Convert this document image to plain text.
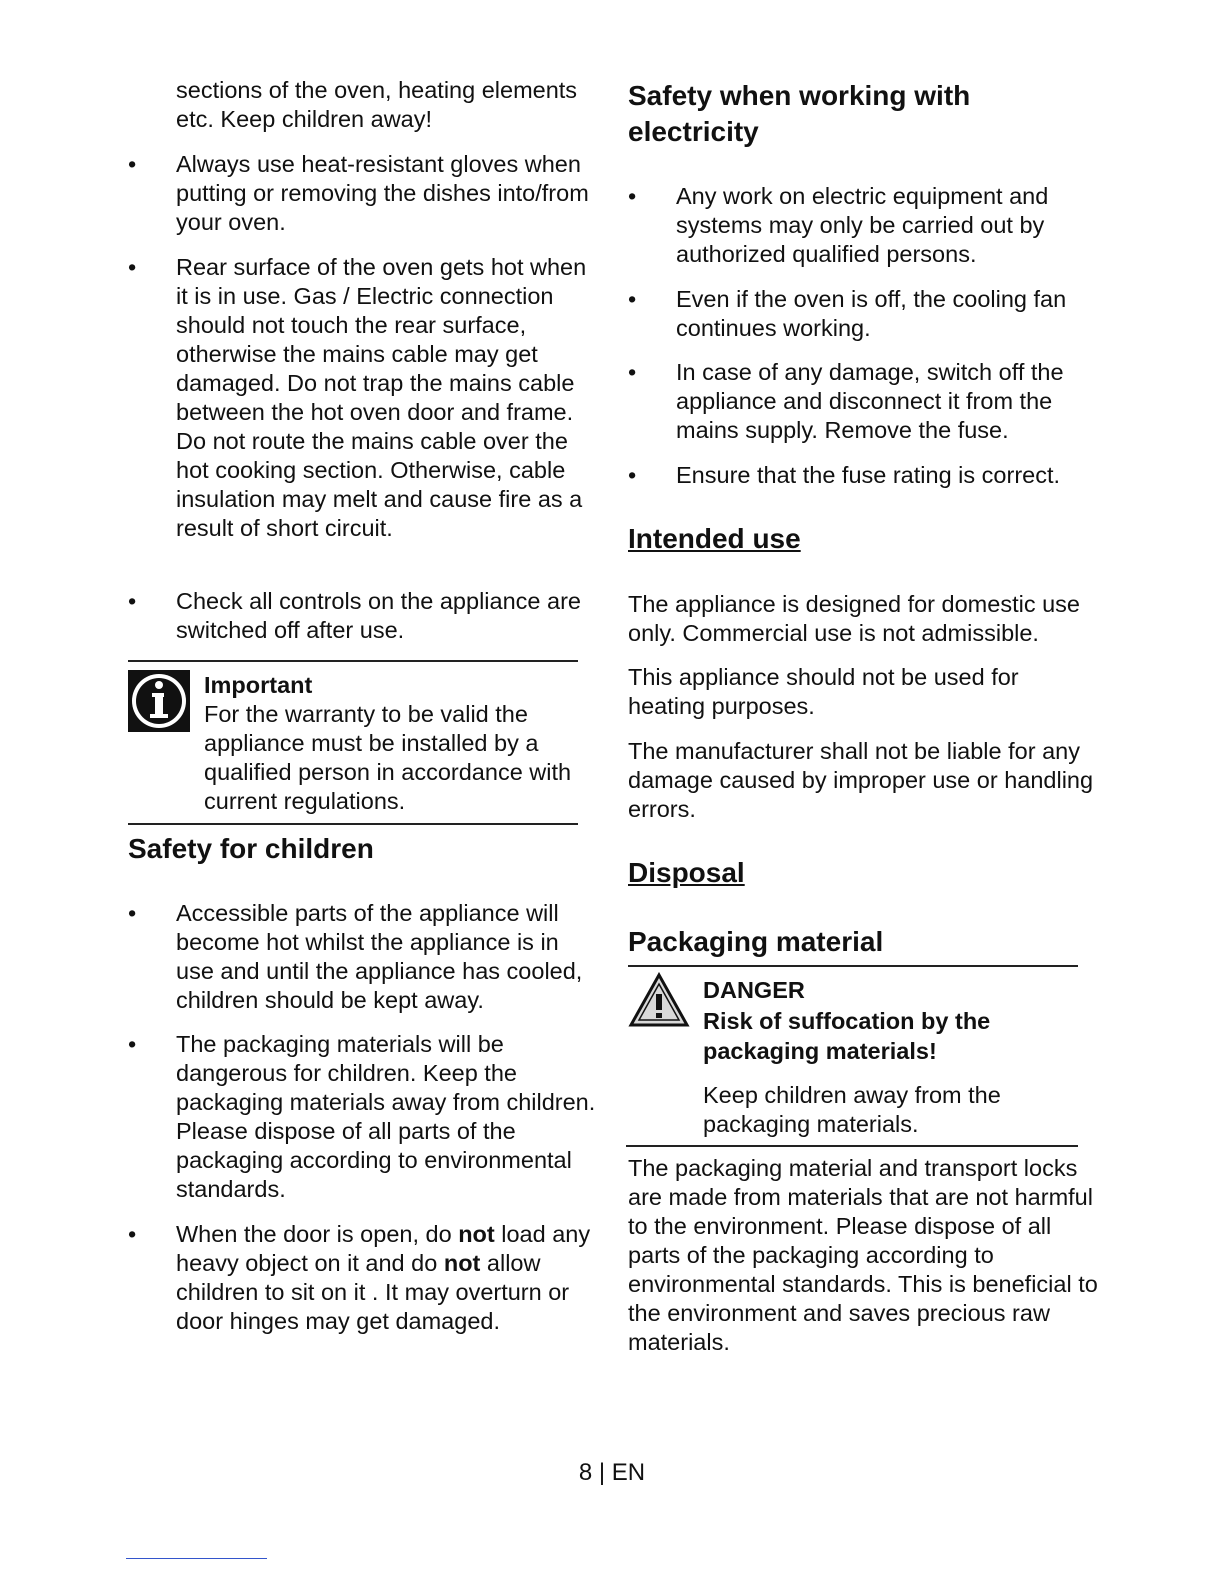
sections of the oven, heating elements etc. Keep children away!
• Always use heat-resistant gloves when putting or removing the dishes into/from your oven.
• Rear surface of the oven gets hot when it is in use. Gas / Electric connection should not touch the rear surface, otherwise the mains cable may get damaged. Do not trap the mains cable between the hot oven door and frame. Do not route the mains cable over the hot cooking section. Otherwise, cable insulation may melt and cause fire as a result of short circuit.
• Check all controls on the appliance are switched off after use.
Important
For the warranty to be valid the appliance must be installed by a qualified person in accordance with current regulations.
Safety for children
• Accessible parts of the appliance will become hot whilst the appliance is in use and until the appliance has cooled, children should be kept away.
• The packaging materials will be dangerous for children. Keep the packaging materials away from children. Please dispose of all parts of the packaging according to environmental standards.
• When the door is open, do not load any heavy object on it and do not allow children to sit on it . It may overturn or door hinges may get damaged.
Safety when working with electricity
• Any work on electric equipment and systems may only be carried out by authorized qualified persons.
• Even if the oven is off, the cooling fan continues working.
• In case of any damage, switch off the appliance and disconnect it from the mains supply. Remove the fuse.
• Ensure that the fuse rating is correct.
Intended use
The appliance is designed for domestic use only. Commercial use is not admissible.
This appliance should not be used for heating purposes.
The manufacturer shall not be liable for any damage caused by improper use or handling errors.
Disposal
Packaging material
DANGER
Risk of suffocation by the packaging materials!
Keep children away from the packaging materials.
The packaging material and transport locks are made from materials that are not harmful to the environment. Please dispose of all parts of the packaging according to environmental standards. This is beneficial to the environment and saves precious raw materials.
8 | EN
